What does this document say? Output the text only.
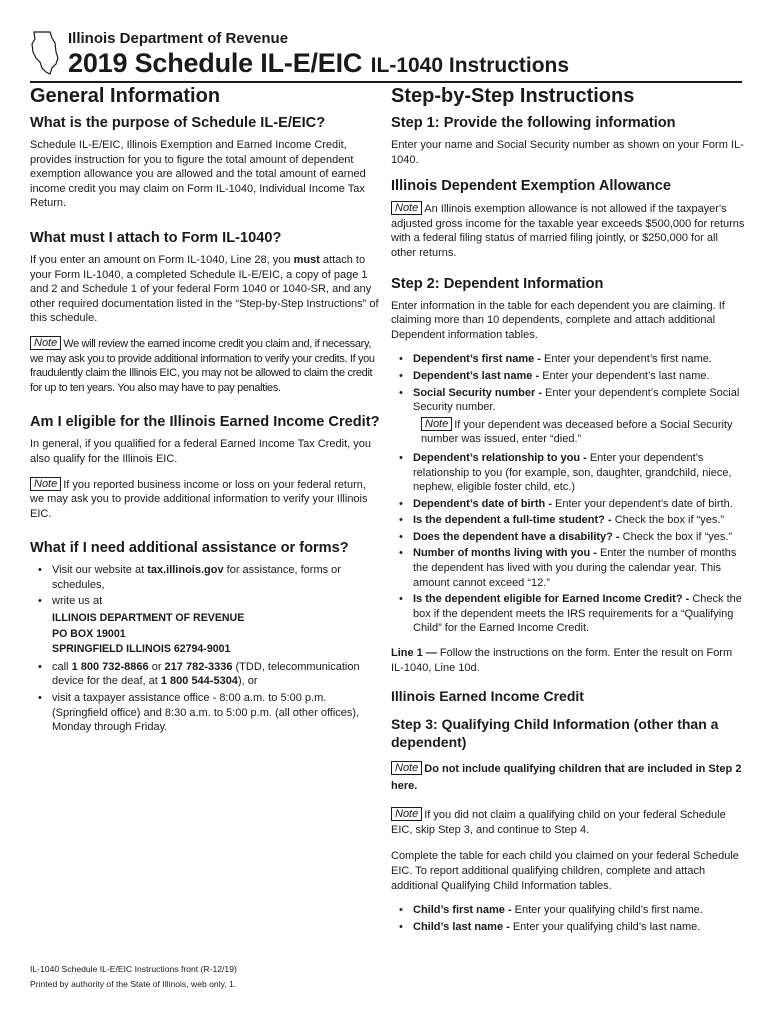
Illinois Department of Revenue
2019 Schedule IL-E/EIC IL-1040 Instructions
General Information
What is the purpose of Schedule IL-E/EIC?

Schedule IL-E/EIC, Illinois Exemption and Earned Income Credit, provides instruction for you to figure the total amount of dependent exemption allowance you are allowed and the total amount of earned income credit you may claim on Form IL-1040, Individual Income Tax Return.

What must I attach to Form IL-1040?

If you enter an amount on Form IL-1040, Line 28, you must attach to your Form IL-1040, a completed Schedule IL-E/EIC, a copy of page 1 and 2 and Schedule 1 of your federal Form 1040 or 1040-SR, and any other required documentation listed in the “Step-by-Step Instructions” of this schedule.

Note We will review the earned income credit you claim and, if necessary, we may ask you to provide additional information to verify your credits. If you fraudulently claim the Illinois EIC, you may not be allowed to claim the credit for up to ten years. You also may have to pay penalties.

Am I eligible for the Illinois Earned Income Credit?

In general, if you qualified for a federal Earned Income Tax Credit, you also qualify for the Illinois EIC.

Note If you reported business income or loss on your federal return, we may ask you to provide additional information to verify your Illinois EIC.

What if I need additional assistance or forms?
• Visit our website at tax.illinois.gov for assistance, forms or schedules,
• write us at
ILLINOIS DEPARTMENT OF REVENUE
PO BOX 19001
SPRINGFIELD ILLINOIS 62794-9001
• call 1 800 732-8866 or 217 782-3336 (TDD, telecommunication device for the deaf, at 1 800 544-5304), or
• visit a taxpayer assistance office - 8:00 a.m. to 5:00 p.m. (Springfield office) and 8:30 a.m. to 5:00 p.m. (all other offices), Monday through Friday.
Step-by-Step Instructions
Step 1: Provide the following information

Enter your name and Social Security number as shown on your Form IL-1040.

Illinois Dependent Exemption Allowance

Note An Illinois exemption allowance is not allowed if the taxpayer's adjusted gross income for the taxable year exceeds $500,000 for returns with a federal filing status of married filing jointly, or $250,000 for all other returns.

Step 2: Dependent Information

Enter information in the table for each dependent you are claiming. If claiming more than 10 dependents, complete and attach additional Dependent information tables.

• Dependent’s first name - Enter your dependent’s first name.
• Dependent’s last name - Enter your dependent’s last name.
• Social Security number - Enter your dependent’s complete Social Security number.
Note If your dependent was deceased before a Social Security number was issued, enter “died.”
• Dependent’s relationship to you - Enter your dependent’s relationship to you (for example, son, daughter, grandchild, niece, nephew, eligible foster child, etc.)
• Dependent’s date of birth - Enter your dependent’s date of birth.
• Is the dependent a full-time student? - Check the box if “yes.”
• Does the dependent have a disability? - Check the box if “yes.”
• Number of months living with you - Enter the number of months the dependent has lived with you during the calendar year. This amount cannot exceed “12.”
• Is the dependent eligible for Earned Income Credit? - Check the box if the dependent meets the IRS requirements for a “Qualifying Child” for the Earned Income Credit.

Line 1 — Follow the instructions on the form. Enter the result on Form IL-1040, Line 10d.

Illinois Earned Income Credit
Step 3: Qualifying Child Information (other than a dependent)

Note Do not include qualifying children that are included in Step 2 here.

Note If you did not claim a qualifying child on your federal Schedule EIC, skip Step 3, and continue to Step 4.

Complete the table for each child you claimed on your federal Schedule EIC. To report additional qualifying children, complete and attach additional Qualifying Child Information tables.

• Child’s first name - Enter your qualifying child’s first name.
• Child’s last name - Enter your qualifying child’s last name.
IL-1040 Schedule IL-E/EIC Instructions front (R-12/19)
Printed by authority of the State of Illinois, web only, 1.
